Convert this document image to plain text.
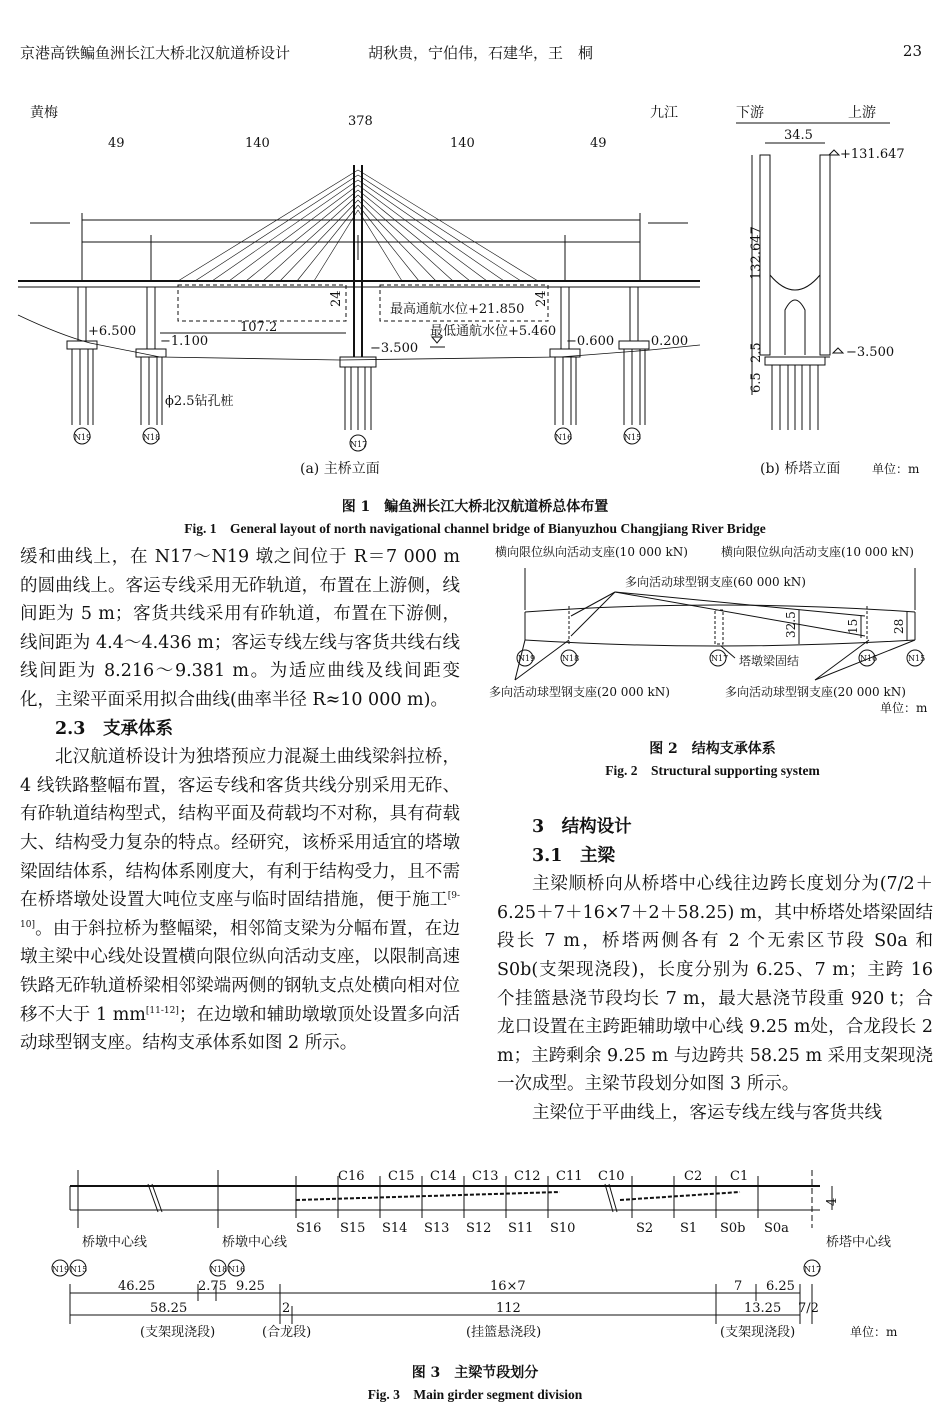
京港高铁鳊鱼洲长江大桥北汉航道桥设计	胡秋贵，宁伯伟，石建华，王　桐	23
黄梅	九江
378
49	140	140	49
24	24
107.2
最高通航水位+21.850
最低通航水位+5.460
+6.500
−1.100	−3.500	−0.600 −0.200
ϕ2.5钻孔桩
N19	N18
N17
N16	N15
(a) 主桥立面
下游	上游
34.5
+131.647
132.647
2.5
6.5
−3.500
(b) 桥塔立面	单位：m
图 1　鳊鱼洲长江大桥北汉航道桥总体布置
Fig. 1　General layout of north navigational channel bridge of Bianyuzhou Changjiang River Bridge

缓和曲线上，在 N17～N19 墩之间位于 R＝7 000 m 的圆曲线上。客运专线采用无砟轨道，布置在上游侧，线间距为 5 m；客货共线采用有砟轨道，布置在下游侧，线间距为 4.4～4.436 m；客运专线左线与客货共线右线线间距为 8.216～9.381 m。为适应曲线及线间距变化，主梁平面采用拟合曲线(曲率半径 R≈10 000 m)。

2.3　支承体系

北汉航道桥设计为独塔预应力混凝土曲线梁斜拉桥，4 线铁路整幅布置，客运专线和客货共线分别采用无砟、有砟轨道结构型式，结构平面及荷载均不对称，具有荷载大、结构受力复杂的特点。经研究，该桥采用适宜的塔墩梁固结体系，结构体系刚度大，有利于结构受力，且不需在桥塔墩处设置大吨位支座与临时固结措施，便于施工[9-10]。由于斜拉桥为整幅梁，相邻简支梁为分幅布置，在边墩主梁中心线处设置横向限位纵向活动支座，以限制高速铁路无砟轨道桥梁相邻梁端两侧的钢轨支点处横向相对位移不大于 1 mm[11-12]；在边墩和辅助墩墩顶处设置多向活动球型钢支座。结构支承体系如图 2 所示。

横向限位纵向活动支座(10 000 kN)	横向限位纵向活动支座(10 000 kN)
多向活动球型钢支座(60 000 kN)
塔墩梁固结
多向活动球型钢支座(20 000 kN)	多向活动球型钢支座(20 000 kN)
32.5	15	28
单位：m
N19	N18	N17	N16	N15
图 2　结构支承体系
Fig. 2　Structural supporting system

3　结构设计

3.1　主梁

主梁顺桥向从桥塔中心线往边跨长度划分为(7/2＋6.25＋7＋16×7＋2＋58.25) m，其中桥塔处塔梁固结段长 7 m，桥塔两侧各有 2 个无索区节段 S0a 和 S0b(支架现浇段)，长度分别为 6.25、7 m；主跨 16 个挂篮悬浇节段均长 7 m，最大悬浇节段重 920 t；合龙口设置在主跨距辅助墩中心线 9.25 m处，合龙段长 2 m；主跨剩余 9.25 m 与边跨共 58.25 m 采用支架现浇一次成型。主梁节段划分如图 3 所示。

主梁位于平曲线上，客运专线左线与客货共线

C16 C15 C14 C13 C12 C11 C10	C2 C1
S16 S15 S14 S13 S12 S11 S10	S2 S1 S0b S0a
桥墩中心线	桥墩中心线	桥塔中心线
N19 N15	N18 N16	N17
4
46.25	2.75 9.25	16×7	7 6.25
58.25	2	112	13.25 7/2
(支架现浇段)	(合龙段)	(挂篮悬浇段)	(支架现浇段)	单位：m
图 3　主梁节段划分
Fig. 3　Main girder segment division
